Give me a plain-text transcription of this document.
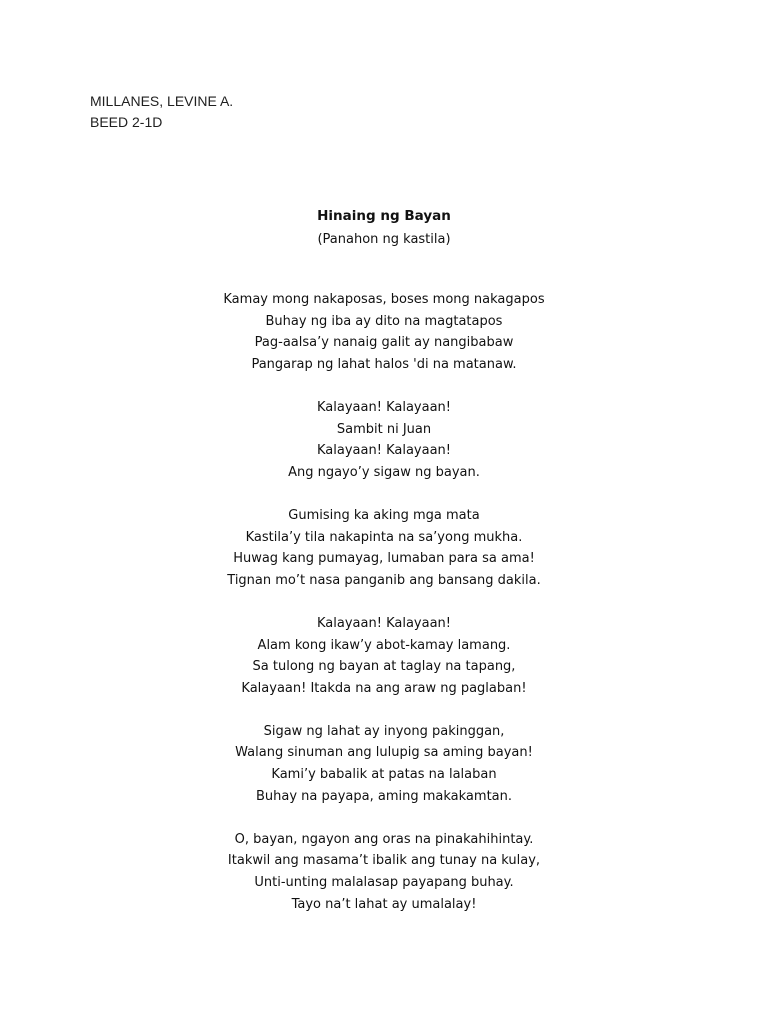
MILLANES, LEVINE A.
BEED 2-1D
Hinaing ng Bayan
(Panahon ng kastila)
Kamay mong nakaposas, boses mong nakagapos
Buhay ng iba ay dito na magtatapos
Pag-aalsa’y nanaig galit ay nangibabaw
Pangarap ng lahat halos 'di na matanaw.
Kalayaan! Kalayaan!
Sambit ni Juan
Kalayaan! Kalayaan!
Ang ngayo’y sigaw ng bayan.
Gumising ka aking mga mata
Kastila’y tila nakapinta na sa’yong mukha.
Huwag kang pumayag, lumaban para sa ama!
Tignan mo’t nasa panganib ang bansang dakila.
Kalayaan! Kalayaan!
Alam kong ikaw’y abot-kamay lamang.
Sa tulong ng bayan at taglay na tapang,
Kalayaan! Itakda na ang araw ng paglaban!
Sigaw ng lahat ay inyong pakinggan,
Walang sinuman ang lulupig sa aming bayan!
Kami’y babalik at patas na lalaban
Buhay na payapa, aming makakamtan.
O, bayan, ngayon ang oras na pinakahihintay.
Itakwil ang masama’t ibalik ang tunay na kulay,
Unti-unting malalasap payapang buhay.
Tayo na’t lahat ay umalalay!
